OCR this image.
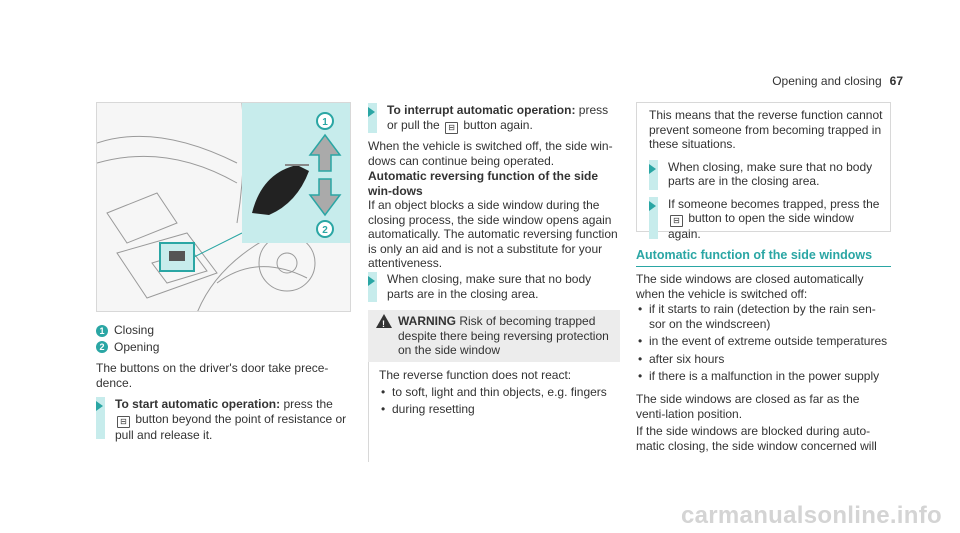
Opening and closing 67
1
2
1 Closing
2 Opening

The buttons on the driver's door take prece-dence.

To start automatic operation: press the
⊟ button beyond the point of resistance or pull and release it.
To interrupt automatic operation: press or pull the ⊟ button again.

When the vehicle is switched off, the side win-dows can continue being operated.

Automatic reversing function of the side win-dows

If an object blocks a side window during the closing process, the side window opens again automatically. The automatic reversing function is only an aid and is not a substitute for your attentiveness.

When closing, make sure that no body parts are in the closing area.
! WARNING Risk of becoming trapped despite there being reversing protection on the side window

The reverse function does not react:

• to soft, light and thin objects, e.g. fingers
• during resetting

This means that the reverse function cannot prevent someone from becoming trapped in these situations.

When closing, make sure that no body parts are in the closing area.
If someone becomes trapped, press the
⊟ button to open the side window again.
Automatic function of the side windows

The side windows are closed automatically when the vehicle is switched off:

• if it starts to rain (detection by the rain sen-sor on the windscreen)
• in the event of extreme outside temperatures
• after six hours
• if there is a malfunction in the power supply

The side windows are closed as far as the venti-lation position.

If the side windows are blocked during auto-matic closing, the side window concerned will

carmanualsonline.info
